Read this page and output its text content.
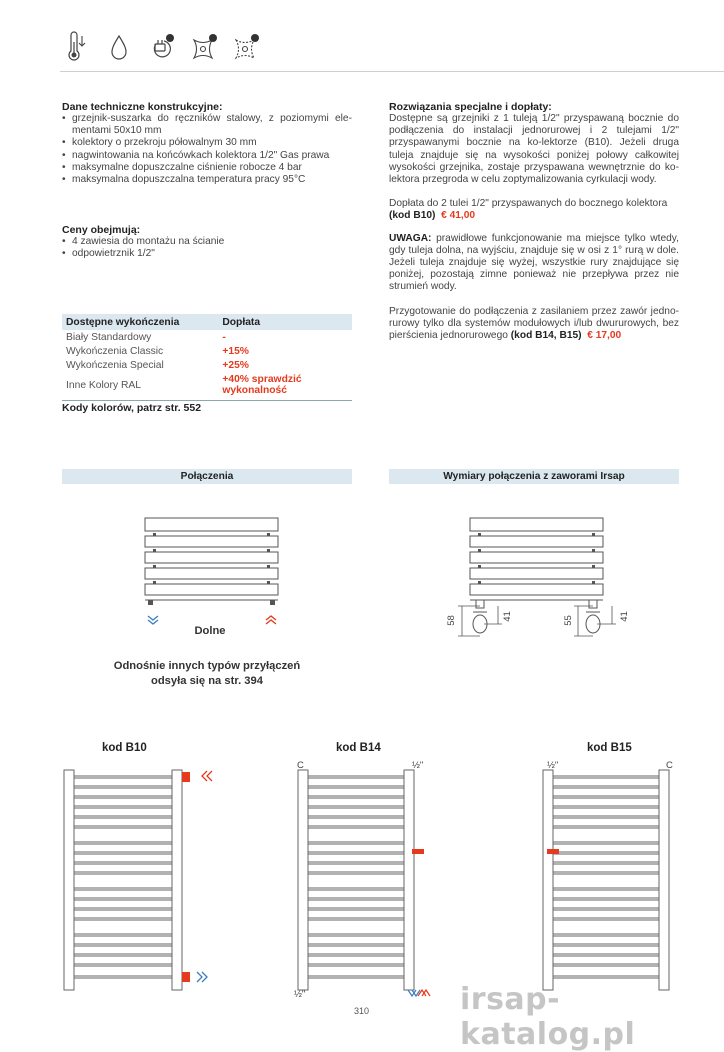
Dane techniczne konstrukcyjne:
• grzejnik-suszarka do ręczników stalowy, z poziomymi ele-mentami 50x10 mm
• kolektory o przekroju półowalnym 30 mm
• nagwintowania na końcówkach kolektora 1/2" Gas prawa
• maksymalne dopuszczalne ciśnienie robocze 4 bar
• maksymalna dopuszczalna temperatura pracy 95°C
Ceny obejmują:
• 4 zawiesia do montażu na ścianie
• odpowietrznik 1/2"
Dostępne wykończenia	Dopłata
Biały Standardowy	-
Wykończenia Classic	+15%
Wykończenia Special	+25%
Inne Kolory RAL	+40% sprawdzić wykonalność
Kody kolorów, patrz str. 552
Rozwiązania specjalne i dopłaty:
Dostępne są grzejniki z 1 tuleją 1/2" przyspawaną bocznie do podłączenia do instalacji jednorurowej i 2 tulejami 1/2" przyspawanymi bocznie na ko-lektorze (B10). Jeżeli druga tuleja znajduje się na wysokości poniżej połowy całkowitej wysokości grzejnika, zostaje przyspawana wewnętrznie do ko-lektora przegroda w celu zoptymalizowania cyrkulacji wody.
Dopłata do 2 tulei 1/2" przyspawanych do bocznego kolektora
(kod B10) € 41,00
UWAGA: prawidłowe funkcjonowanie ma miejsce tylko wtedy, gdy tuleja dolna, na wyjściu, znajduje się w osi z 1° rurą w dole. Jeżeli tuleja znajduje się wyżej, wszystkie rury znajdujące się poniżej, pozostają zimne ponieważ nie przepływa przez nie strumień wody.
Przygotowanie do podłączenia z zasilaniem przez zawór jedno-rurowy tylko dla systemów modułowych i/lub dwururowych, bez pierścienia jednorurowego (kod B14, B15) € 17,00
Połączenia	Wymiary połączenia z zaworami Irsap
Dolne
Odnośnie innych typów przyłączeń
odsyła się na str. 394
58	41	55	41
kod B10	kod B14	kod B15
C	½"
½"
½"	C
310	irsap-katalog.pl
